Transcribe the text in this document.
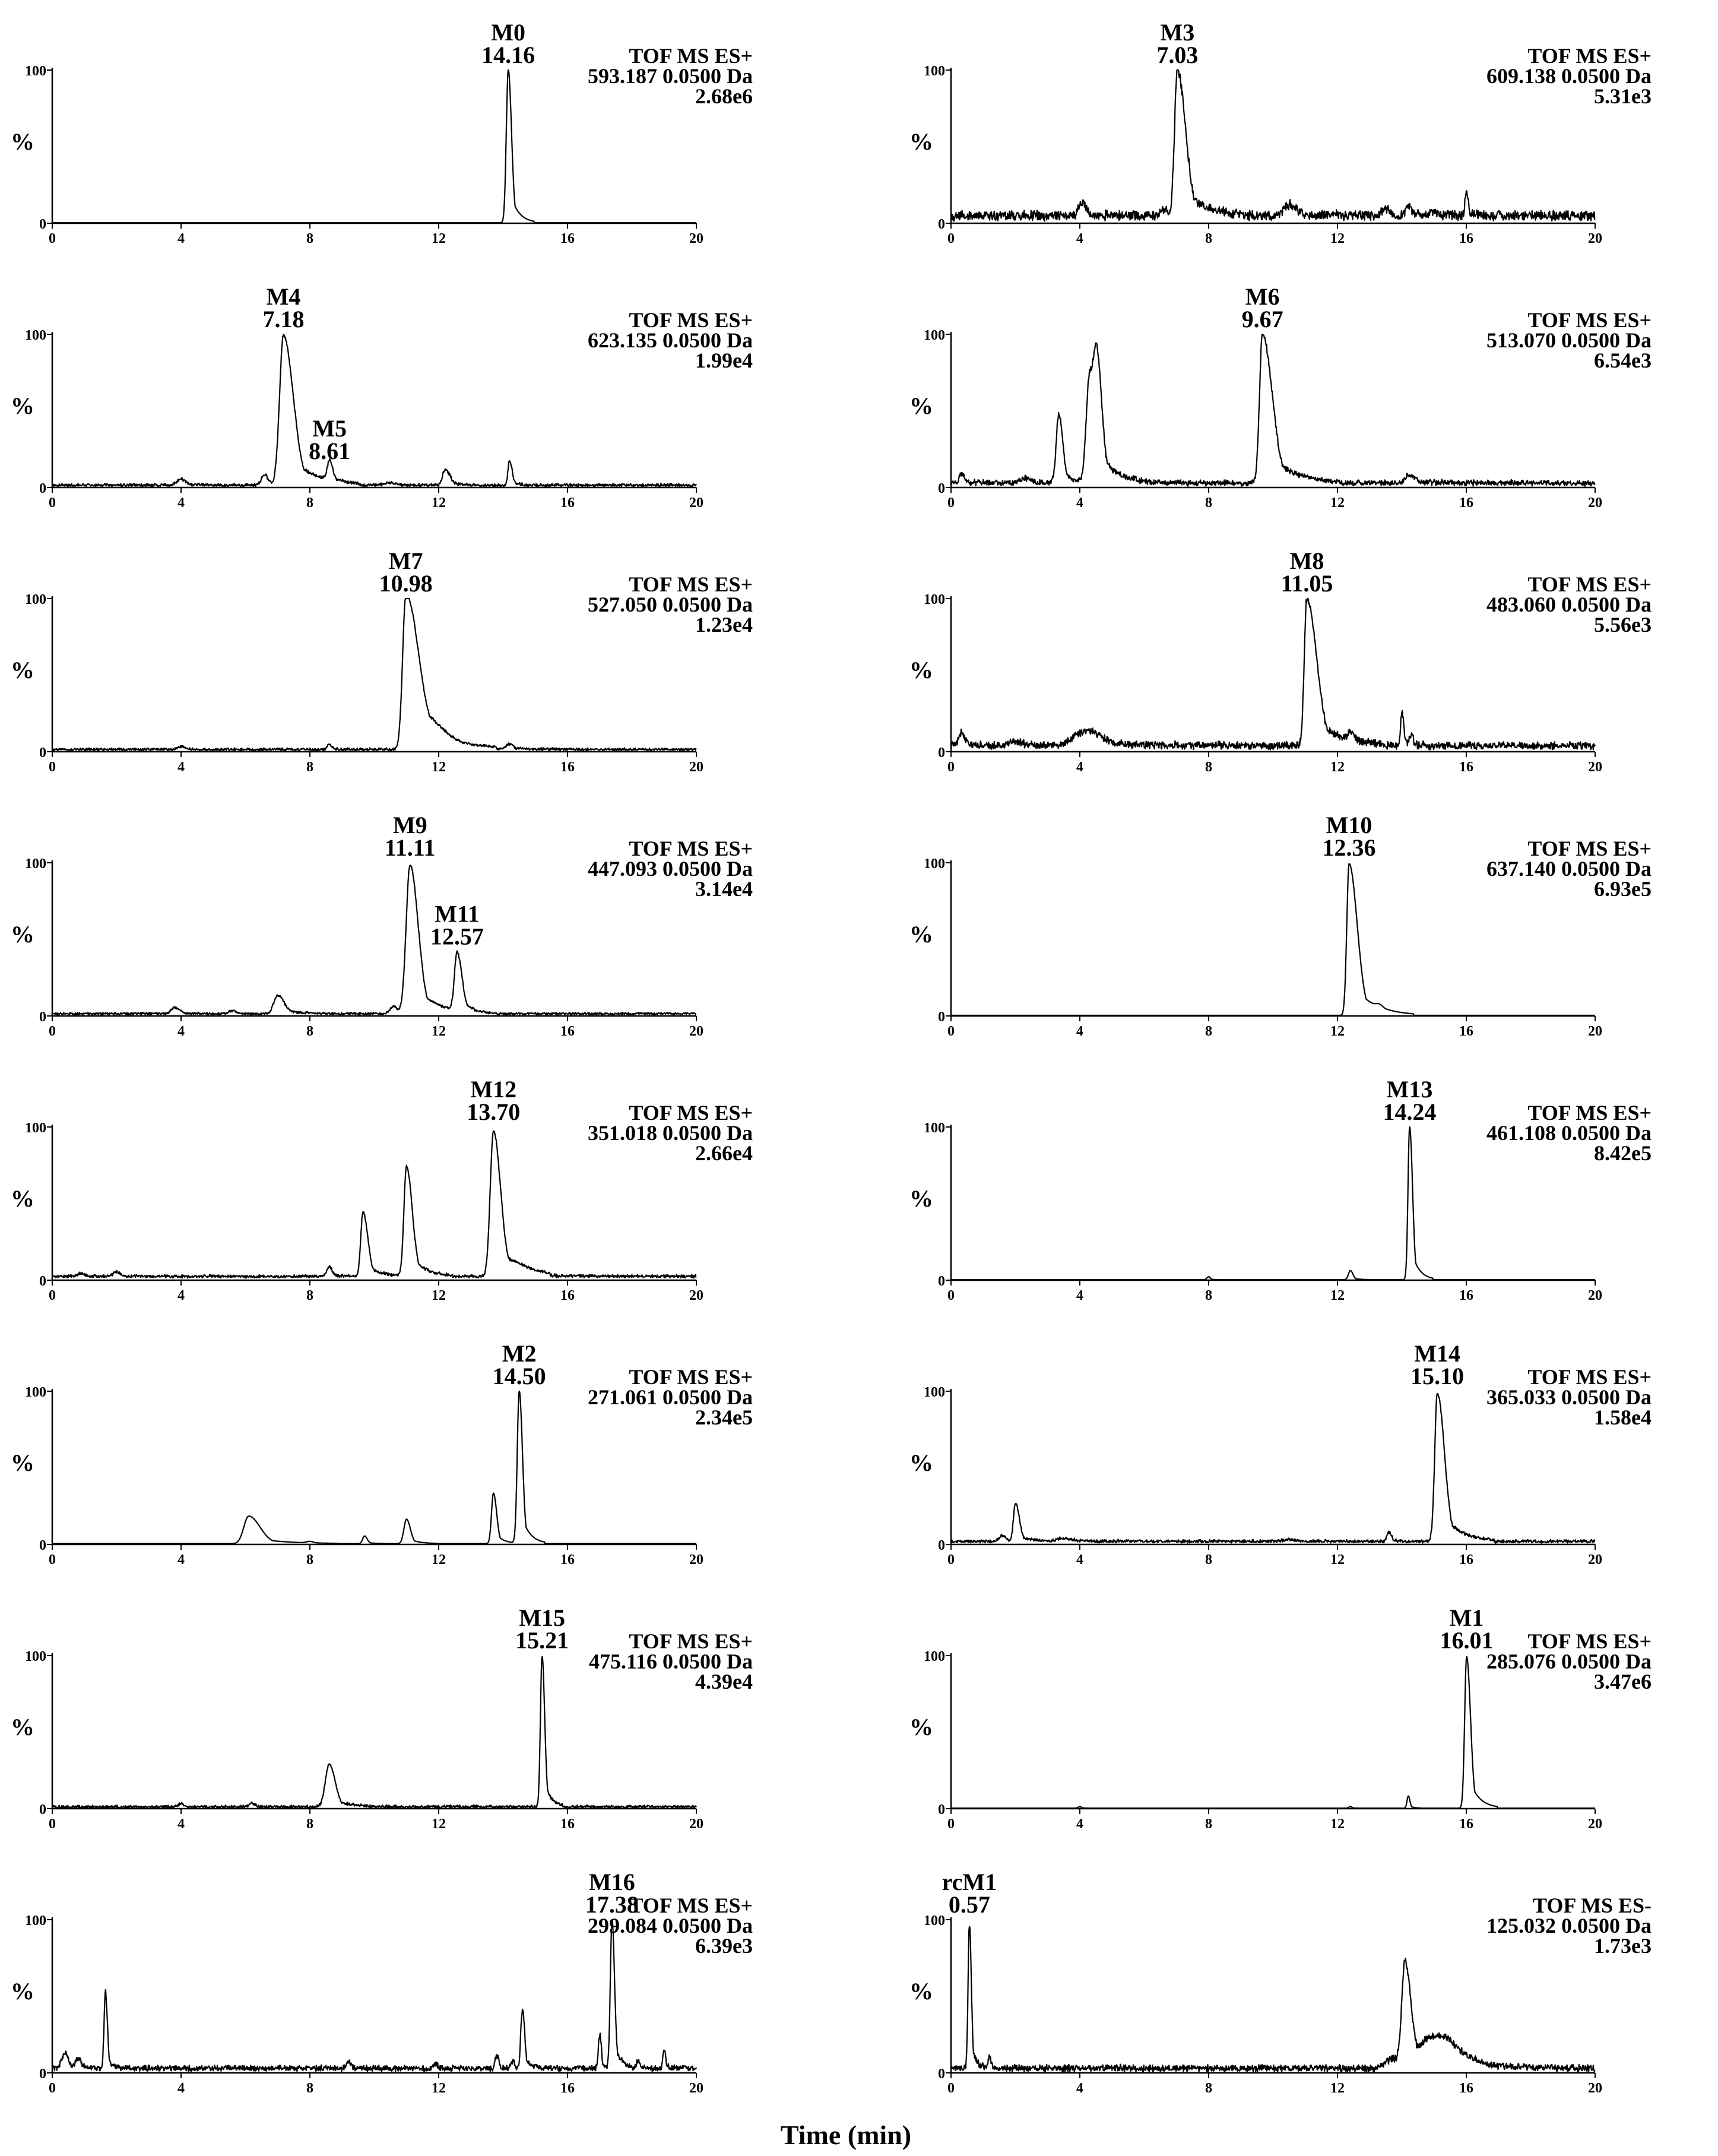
0	4	8	12	16	20
0
100
%
TOF MS ES+
593.187 0.0500 Da
2.68e6
M0
14.16
0	4	8	12	16	20
0
100
%
TOF MS ES+
609.138 0.0500 Da
5.31e3
M3
7.03
0	4	8	12	16	20
0
100
%
TOF MS ES+
623.135 0.0500 Da
1.99e4
M4
7.18
M5
8.61
0	4	8	12	16	20
0
100
%
TOF MS ES+
513.070 0.0500 Da
6.54e3
M6
9.67
0	4	8	12	16	20
0
100
%
TOF MS ES+
527.050 0.0500 Da
1.23e4
M7
10.98
0	4	8	12	16	20
0
100
%
TOF MS ES+
483.060 0.0500 Da
5.56e3
M8
11.05
0	4	8	12	16	20
0
100
%
TOF MS ES+
447.093 0.0500 Da
3.14e4
M9
11.11
M11
12.57
0	4	8	12	16	20
0
100
%
TOF MS ES+
637.140 0.0500 Da
6.93e5
M10
12.36
0	4	8	12	16	20
0
100
%
TOF MS ES+
351.018 0.0500 Da
2.66e4
M12
13.70
0	4	8	12	16	20
0
100
%
TOF MS ES+
461.108 0.0500 Da
8.42e5
M13
14.24
0	4	8	12	16	20
0
100
%
TOF MS ES+
271.061 0.0500 Da
2.34e5
M2
14.50
0	4	8	12	16	20
0
100
%
TOF MS ES+
365.033 0.0500 Da
1.58e4
M14
15.10
0	4	8	12	16	20
0
100
%
TOF MS ES+
475.116 0.0500 Da
4.39e4
M15
15.21
0	4	8	12	16	20
0
100
%
TOF MS ES+
285.076 0.0500 Da
3.47e6
M1
16.01
0	4	8	12	16	20
0
100
%
TOF MS ES+
299.084 0.0500 Da
6.39e3
M16
17.38
0	4	8	12	16	20
0
100
%
TOF MS ES-
125.032 0.0500 Da
1.73e3
rcM1
0.57
Time (min)
